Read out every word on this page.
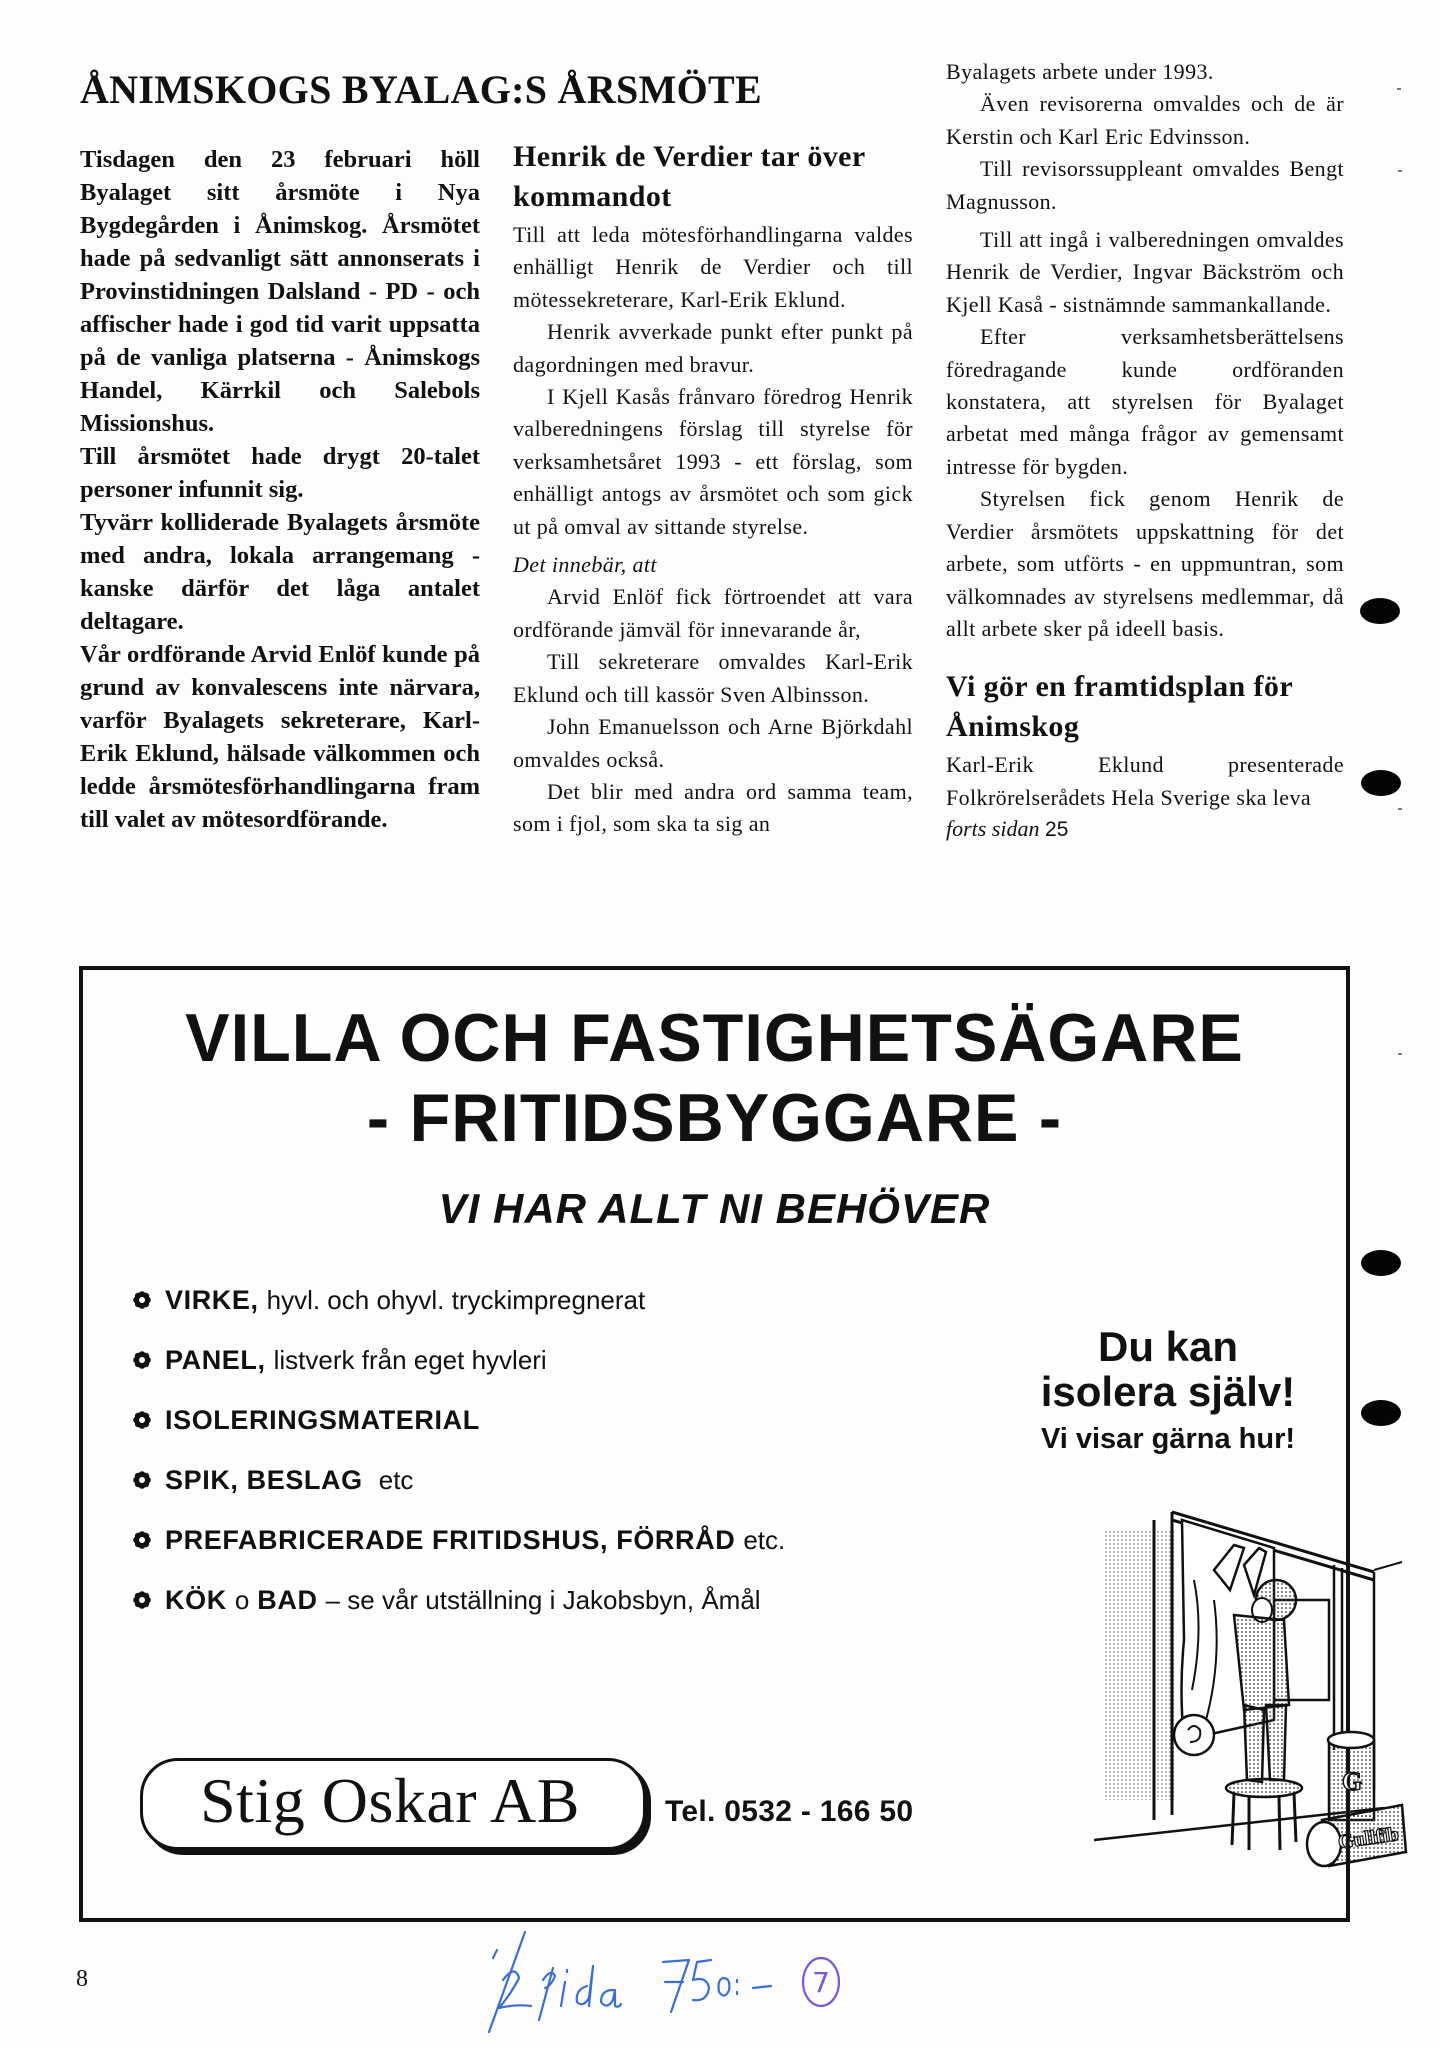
ÅNIMSKOGS BYALAG:S ÅRSMÖTE

Tisdagen den 23 februari höll Byalaget sitt årsmöte i Nya Bygdegården i Ånimskog. Årsmötet hade på sedvanligt sätt annonserats i Provinstidningen Dalsland - PD - och affischer hade i god tid varit uppsatta på de vanliga platserna - Ånimskogs Handel, Kärrkil och Salebols Missionshus.

Till årsmötet hade drygt 20-talet personer infunnit sig.

Tyvärr kolliderade Byalagets årsmöte med andra, lokala arrangemang - kanske därför det låga antalet deltagare.

Vår ordförande Arvid Enlöf kunde på grund av konvalescens inte närvara, varför Byalagets sekreterare, Karl-Erik Eklund, hälsade välkommen och ledde årsmötesförhandlingarna fram till valet av mötesordförande.

Henrik de Verdier tar över kommandot

Till att leda mötesförhandlingarna valdes enhälligt Henrik de Verdier och till mötessekreterare, Karl-Erik Eklund.

Henrik avverkade punkt efter punkt på dagordningen med bravur.

I Kjell Kasås frånvaro föredrog Henrik valberedningens förslag till styrelse för verksamhetsåret 1993 - ett förslag, som enhälligt antogs av årsmötet och som gick ut på omval av sittande styrelse.

Det innebär, att

Arvid Enlöf fick förtroendet att vara ordförande jämväl för innevarande år,

Till sekreterare omvaldes Karl-Erik Eklund och till kassör Sven Albinsson.

John Emanuelsson och Arne Björkdahl omvaldes också.

Det blir med andra ord samma team, som i fjol, som ska ta sig an

Byalagets arbete under 1993.

Även revisorerna omvaldes och de är Kerstin och Karl Eric Edvinsson.

Till revisorssuppleant omvaldes Bengt Magnusson.

Till att ingå i valberedningen omvaldes Henrik de Verdier, Ingvar Bäckström och Kjell Kaså - sistnämnde sammankallande.

Efter verksamhetsberättelsens föredragande kunde ordföranden konstatera, att styrelsen för Byalaget arbetat med många frågor av gemensamt intresse för bygden.

Styrelsen fick genom Henrik de Verdier årsmötets uppskattning för det arbete, som utförts - en uppmuntran, som välkomnades av styrelsens medlemmar, då allt arbete sker på ideell basis.

Vi gör en framtidsplan för Ånimskog

Karl-Erik Eklund presenterade Folkrörelserådets Hela Sverige ska leva

forts sidan 25
VILLA OCH FASTIGHETSÄGARE
- FRITIDSBYGGARE -
VI HAR ALLT NI BEHÖVER
VIRKE, hyvl. och ohyvl. tryckimpregnerat
PANEL, listverk från eget hyvleri
ISOLERINGSMATERIAL
SPIK, BESLAG etc
PREFABRICERADE FRITIDSHUS, FÖRRÅD etc.
KÖK o BAD – se vår utställning i Jakobsbyn, Åmål
Du kan
isolera själv!
Vi visar gärna hur!
G
Gullfib
Stig Oskar AB	Tel. 0532 - 166 50
8	7
